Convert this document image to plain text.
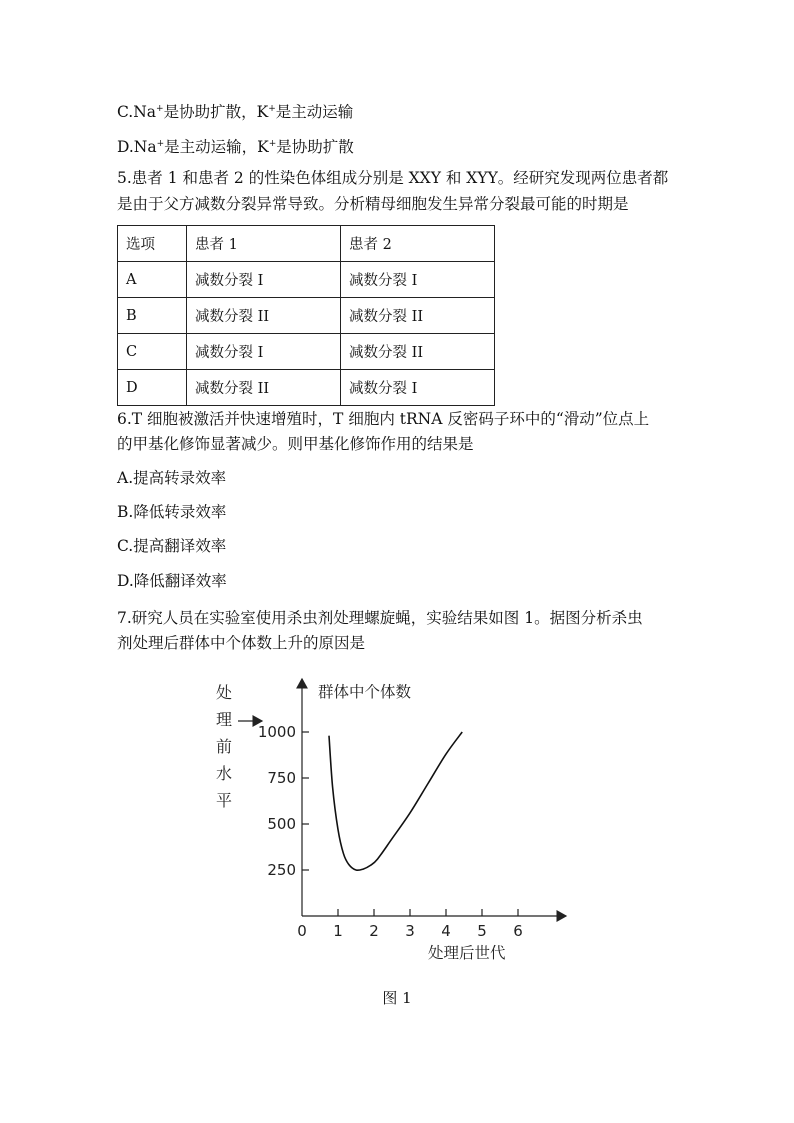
C.Na+是协助扩散，K+是主动运输
D.Na+是主动运输，K+是协助扩散
5.患者 1 和患者 2 的性染色体组成分别是 XXY 和 XYY。经研究发现两位患者都
是由于父方减数分裂异常导致。分析精母细胞发生异常分裂最可能的时期是
选项	患者 1	患者 2
A	减数分裂 I	减数分裂 I
B	减数分裂 II	减数分裂 II
C	减数分裂 I	减数分裂 II
D	减数分裂 II	减数分裂 I
6.T 细胞被激活并快速增殖时，T 细胞内 tRNA 反密码子环中的“滑动”位点上
的甲基化修饰显著减少。则甲基化修饰作用的结果是
A.提高转录效率
B.降低转录效率
C.提高翻译效率
D.降低翻译效率
7.研究人员在实验室使用杀虫剂处理螺旋蝇，实验结果如图 1。据图分析杀虫
剂处理后群体中个体数上升的原因是
处
理
前
水
平
群体中个体数
处理后世代
250
500
750
1000
0 1 2 3 4 5 6
图 1
